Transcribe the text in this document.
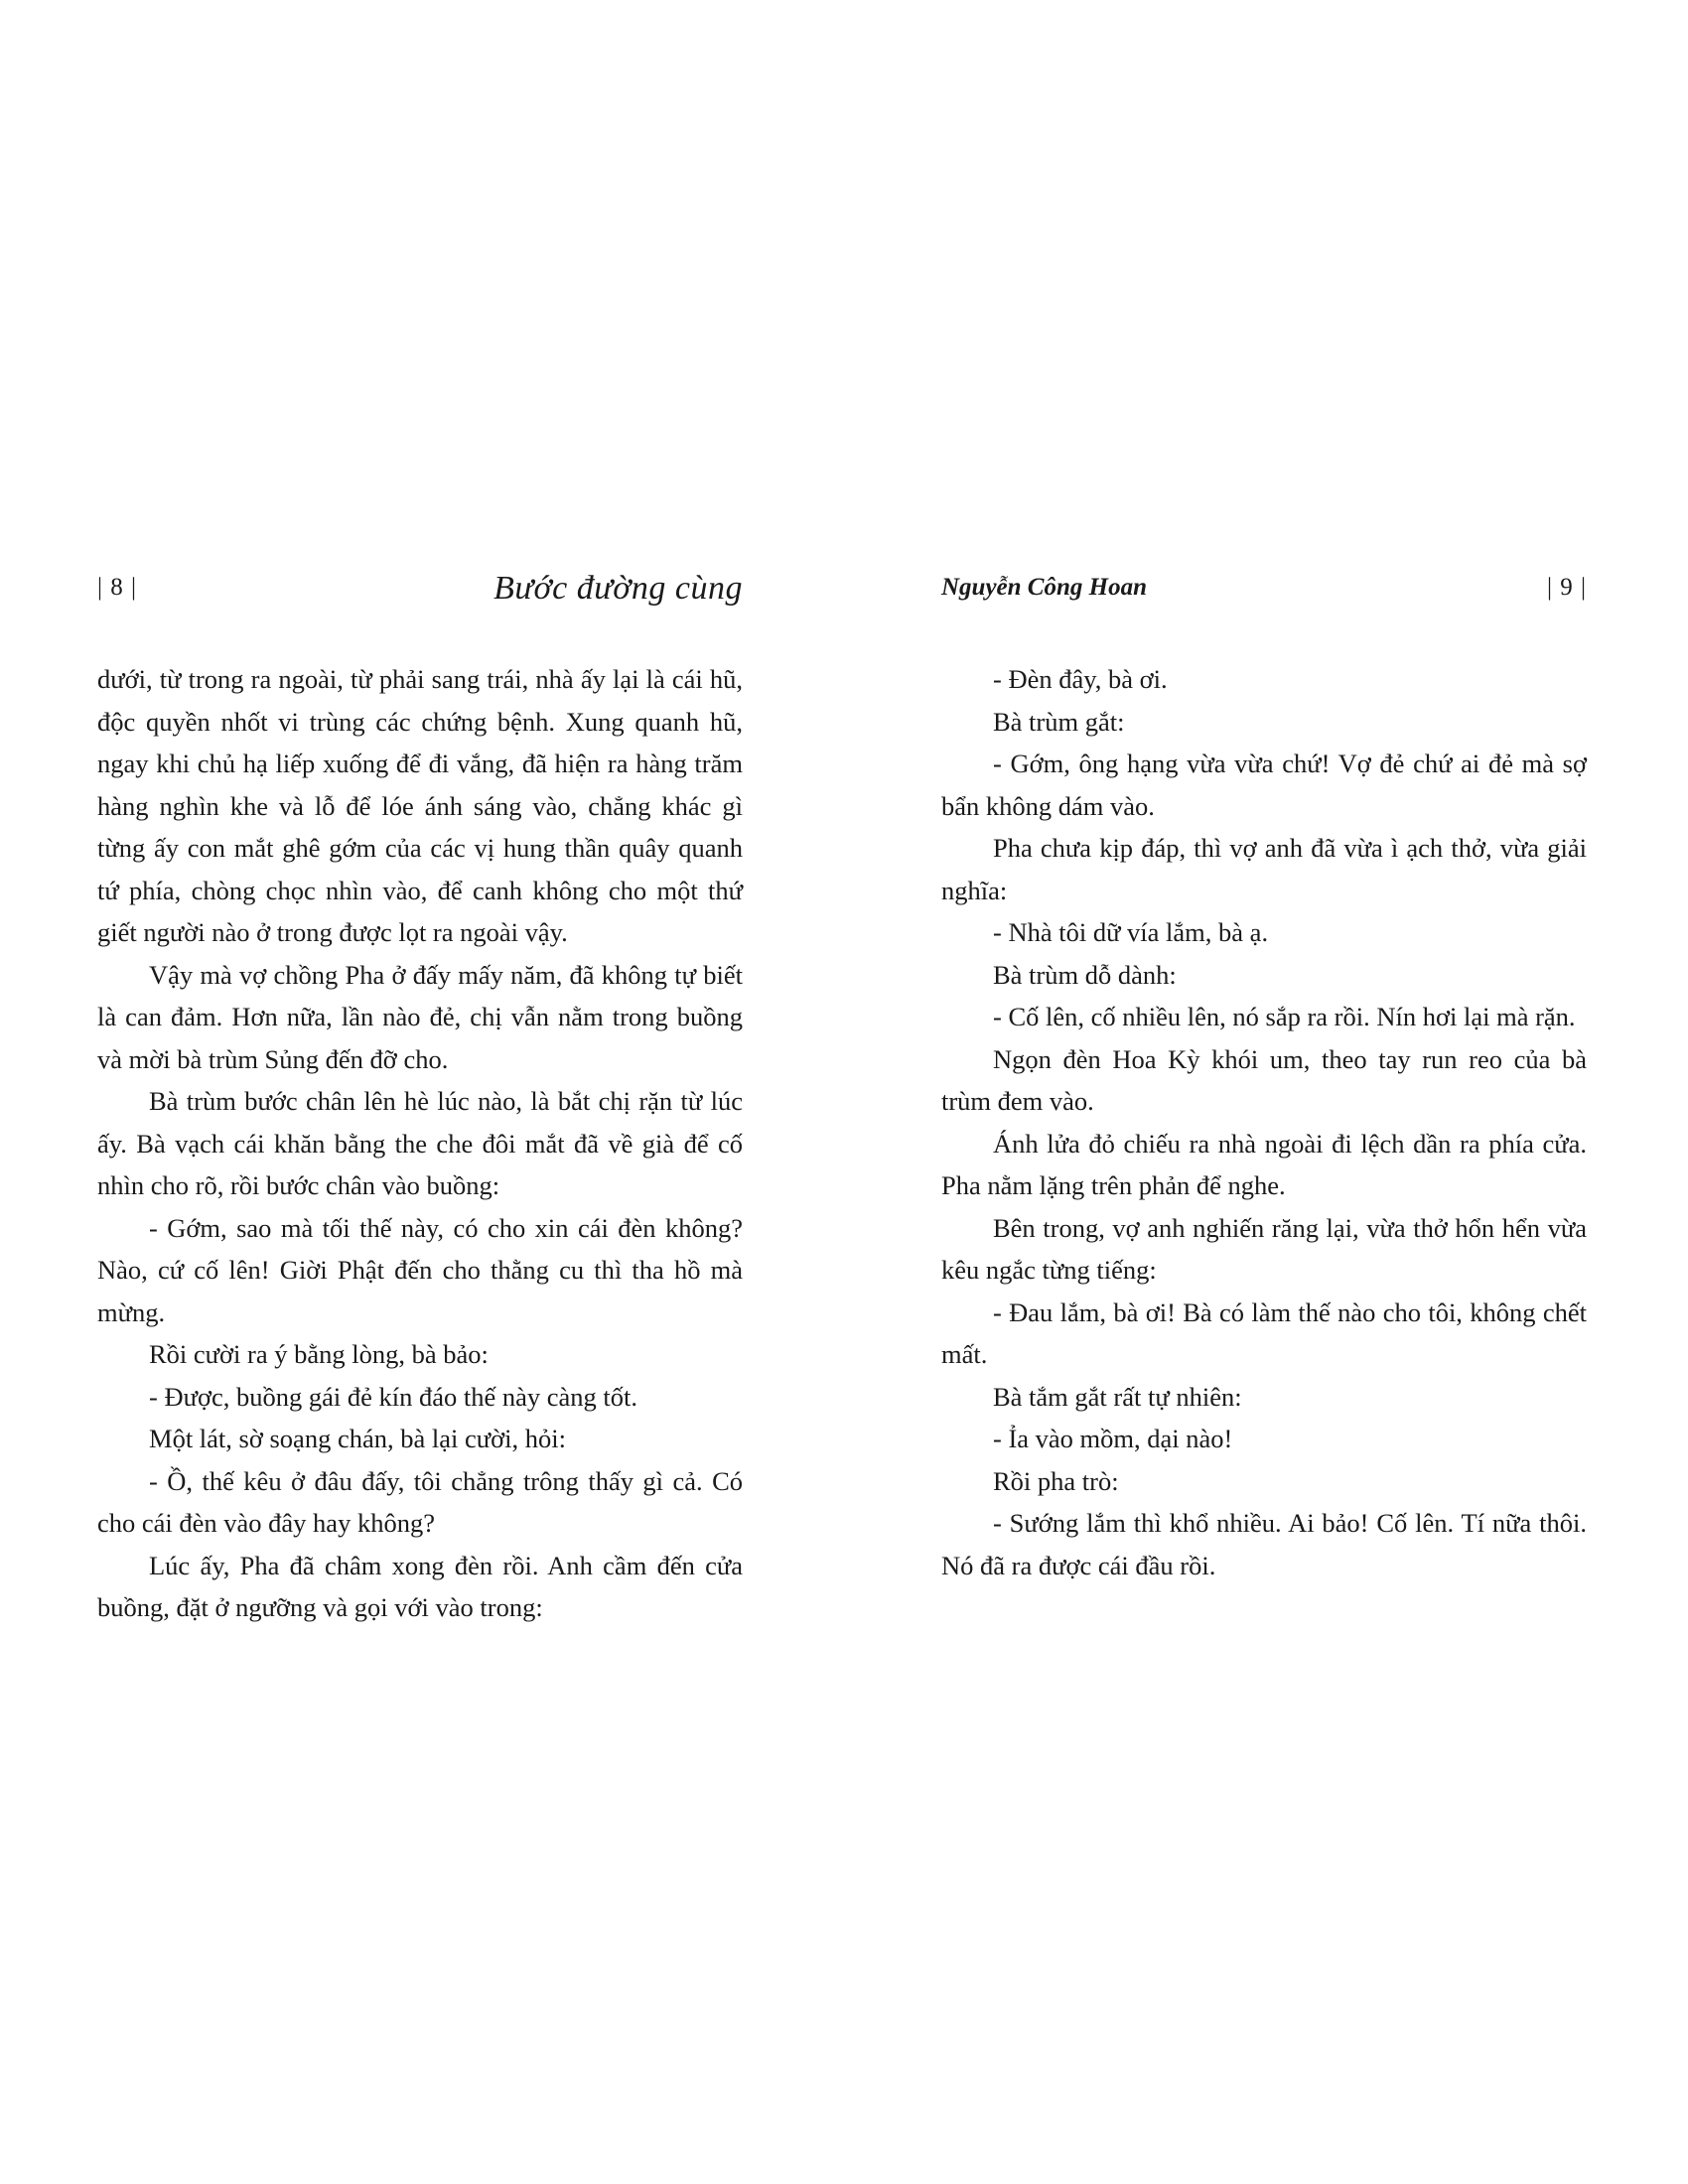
| 8 |	Bước đường cùng

dưới, từ trong ra ngoài, từ phải sang trái, nhà ấy lại là cái hũ, độc quyền nhốt vi trùng các chứng bệnh. Xung quanh hũ, ngay khi chủ hạ liếp xuống để đi vắng, đã hiện ra hàng trăm hàng nghìn khe và lỗ để lóe ánh sáng vào, chẳng khác gì từng ấy con mắt ghê gớm của các vị hung thần quây quanh tứ phía, chòng chọc nhìn vào, để canh không cho một thứ giết người nào ở trong được lọt ra ngoài vậy.

Vậy mà vợ chồng Pha ở đấy mấy năm, đã không tự biết là can đảm. Hơn nữa, lần nào đẻ, chị vẫn nằm trong buồng và mời bà trùm Sủng đến đỡ cho.

Bà trùm bước chân lên hè lúc nào, là bắt chị rặn từ lúc ấy. Bà vạch cái khăn bằng the che đôi mắt đã về già để cố nhìn cho rõ, rồi bước chân vào buồng:

- Gớm, sao mà tối thế này, có cho xin cái đèn không? Nào, cứ cố lên! Giời Phật đến cho thằng cu thì tha hồ mà mừng.

Rồi cười ra ý bằng lòng, bà bảo:

- Được, buồng gái đẻ kín đáo thế này càng tốt.

Một lát, sờ soạng chán, bà lại cười, hỏi:

- Ồ, thế kêu ở đâu đấy, tôi chẳng trông thấy gì cả. Có cho cái đèn vào đây hay không?

Lúc ấy, Pha đã châm xong đèn rồi. Anh cầm đến cửa buồng, đặt ở ngưỡng và gọi với vào trong:

Nguyễn Công Hoan	| 9 |

- Đèn đây, bà ơi.

Bà trùm gắt:

- Gớm, ông hạng vừa vừa chứ! Vợ đẻ chứ ai đẻ mà sợ bẩn không dám vào.

Pha chưa kịp đáp, thì vợ anh đã vừa ì ạch thở, vừa giải nghĩa:

- Nhà tôi dữ vía lắm, bà ạ.

Bà trùm dỗ dành:

- Cố lên, cố nhiều lên, nó sắp ra rồi. Nín hơi lại mà rặn.

Ngọn đèn Hoa Kỳ khói um, theo tay run reo của bà trùm đem vào.

Ánh lửa đỏ chiếu ra nhà ngoài đi lệch dần ra phía cửa. Pha nằm lặng trên phản để nghe.

Bên trong, vợ anh nghiến răng lại, vừa thở hổn hển vừa kêu ngắc từng tiếng:

- Đau lắm, bà ơi! Bà có làm thế nào cho tôi, không chết mất.

Bà tắm gắt rất tự nhiên:

- Ỉa vào mồm, dại nào!

Rồi pha trò:

- Sướng lắm thì khổ nhiều. Ai bảo! Cố lên. Tí nữa thôi. Nó đã ra được cái đầu rồi.
